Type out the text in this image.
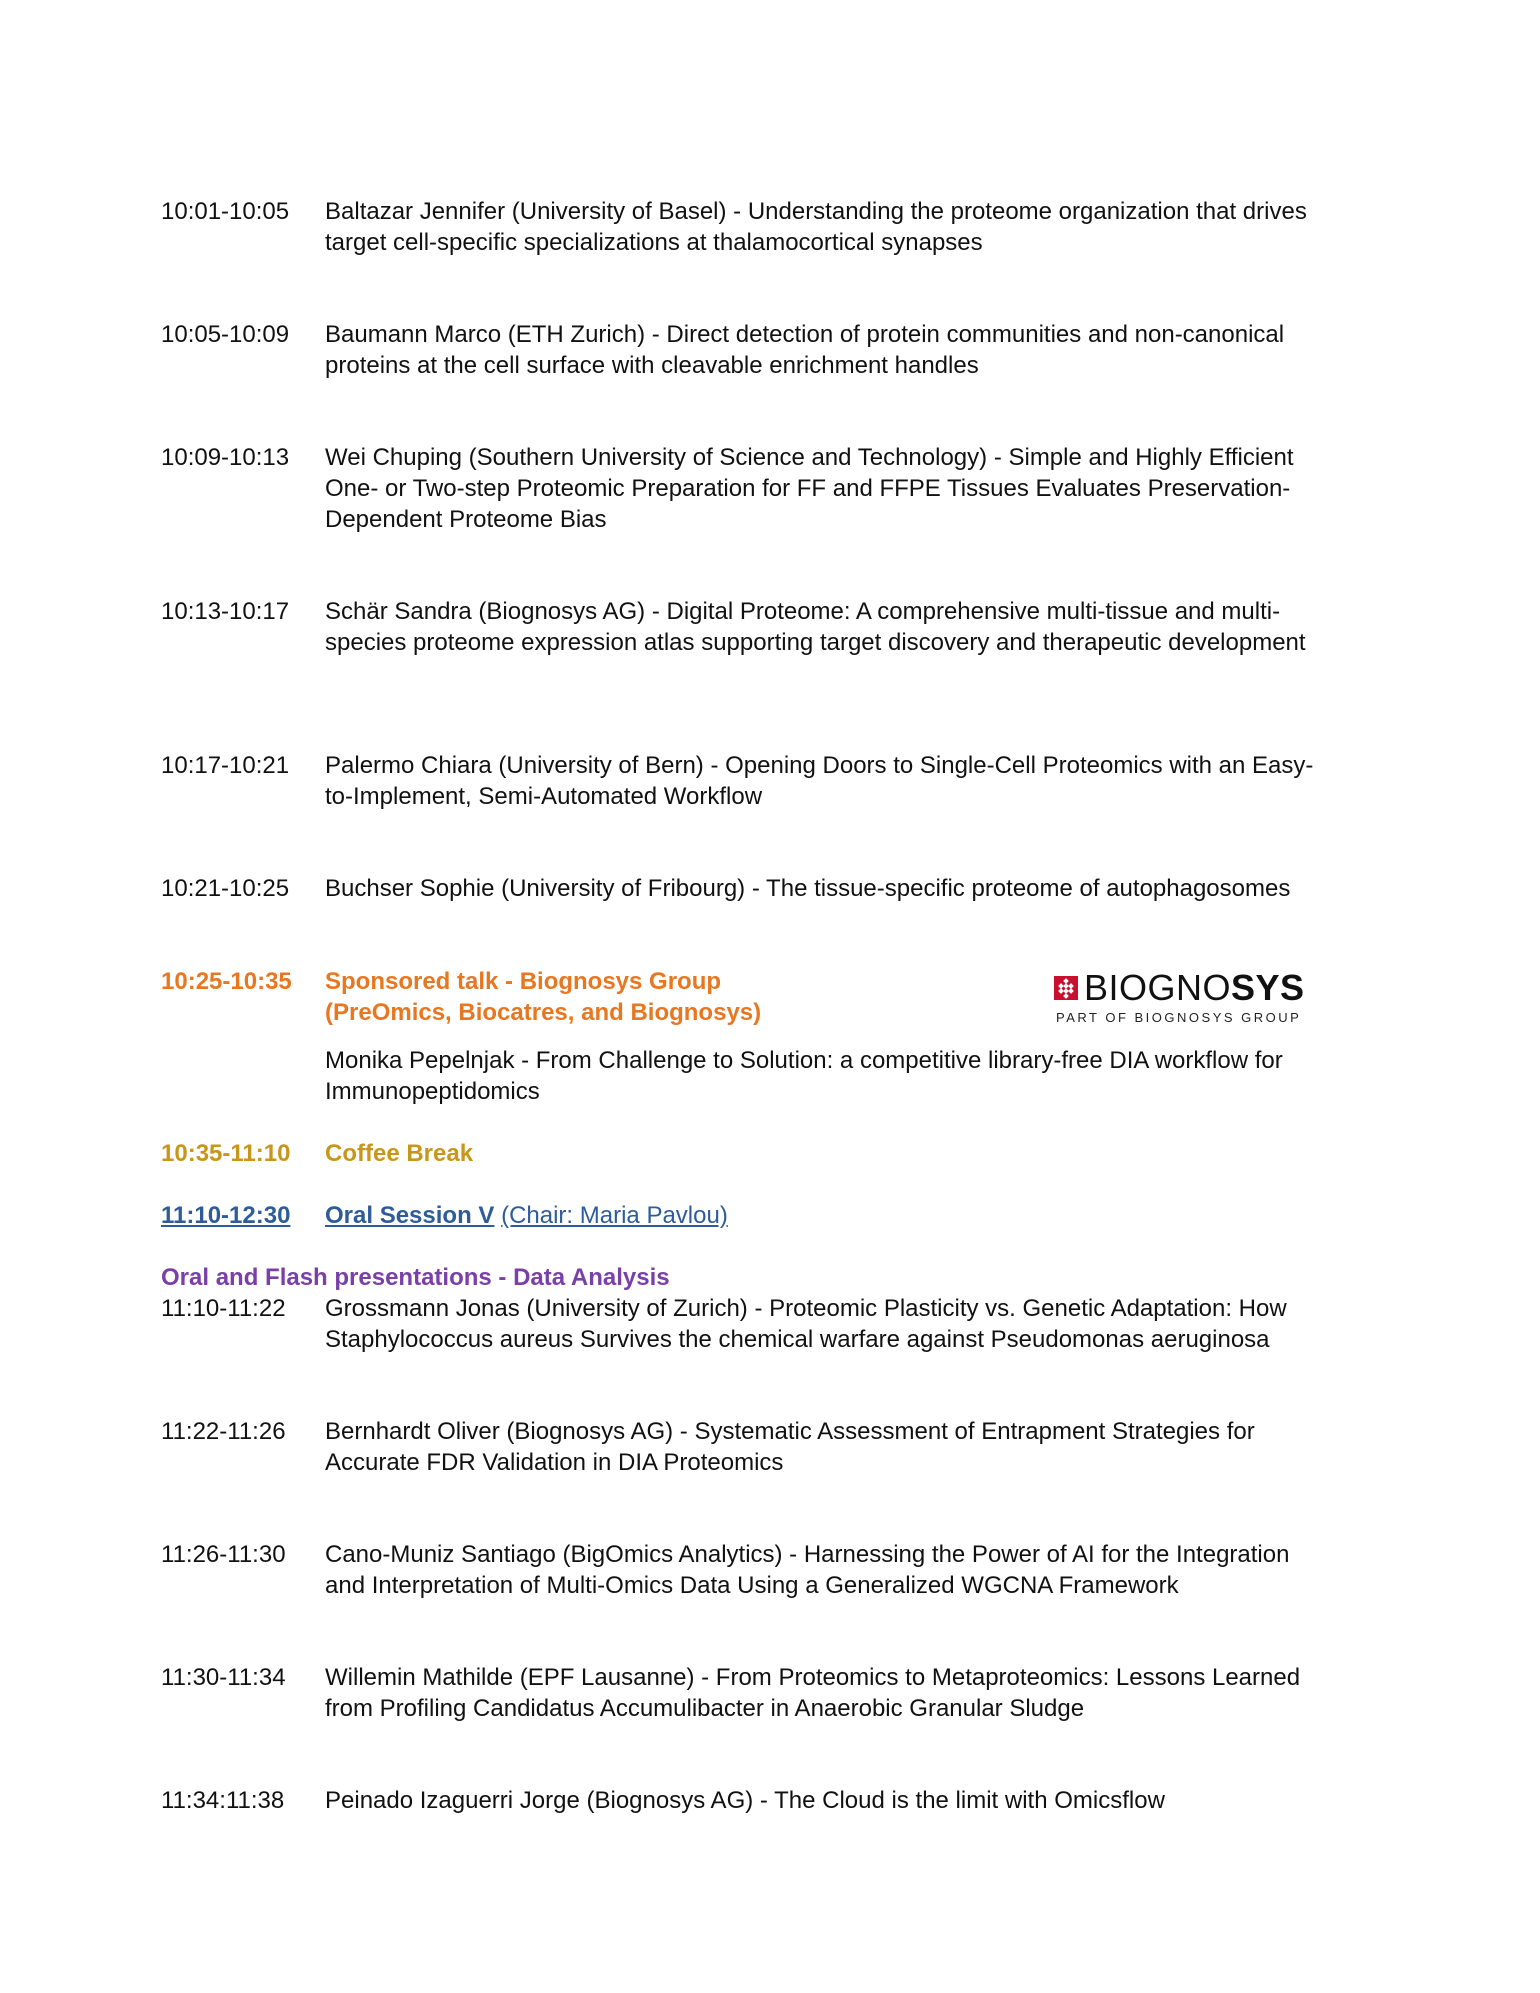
10:01-10:05	Baltazar Jennifer (University of Basel) - Understanding the proteome organization that drives target cell-specific specializations at thalamocortical synapses
10:05-10:09	Baumann Marco (ETH Zurich) - Direct detection of protein communities and non-canonical proteins at the cell surface with cleavable enrichment handles
10:09-10:13	Wei Chuping (Southern University of Science and Technology) - Simple and Highly Efficient One- or Two-step Proteomic Preparation for FF and FFPE Tissues Evaluates Preservation-Dependent Proteome Bias
10:13-10:17	Schär Sandra (Biognosys AG) - Digital Proteome: A comprehensive multi-tissue and multi-species proteome expression atlas supporting target discovery and therapeutic development
10:17-10:21	Palermo Chiara (University of Bern) - Opening Doors to Single-Cell Proteomics with an Easy-to-Implement, Semi-Automated Workflow
10:21-10:25	Buchser Sophie (University of Fribourg) - The tissue-specific proteome of autophagosomes
10:25-10:35	Sponsored talk - Biognosys Group
(PreOmics, Biocatres, and Biognosys)
Monika Pepelnjak - From Challenge to Solution: a competitive library-free DIA workflow for Immunopeptidomics
BIOGNOSYS
PART OF BIOGNOSYS GROUP
10:35-11:10	Coffee Break
11:10-12:30	Oral Session V (Chair: Maria Pavlou)
Oral and Flash presentations - Data Analysis
11:10-11:22	Grossmann Jonas (University of Zurich) - Proteomic Plasticity vs. Genetic Adaptation: How Staphylococcus aureus Survives the chemical warfare against Pseudomonas aeruginosa
11:22-11:26	Bernhardt Oliver (Biognosys AG) - Systematic Assessment of Entrapment Strategies for Accurate FDR Validation in DIA Proteomics
11:26-11:30	Cano-Muniz Santiago (BigOmics Analytics) - Harnessing the Power of AI for the Integration and Interpretation of Multi-Omics Data Using a Generalized WGCNA Framework
11:30-11:34	Willemin Mathilde (EPF Lausanne) - From Proteomics to Metaproteomics: Lessons Learned from Profiling Candidatus Accumulibacter in Anaerobic Granular Sludge
11:34:11:38	Peinado Izaguerri Jorge (Biognosys AG) - The Cloud is the limit with Omicsflow
